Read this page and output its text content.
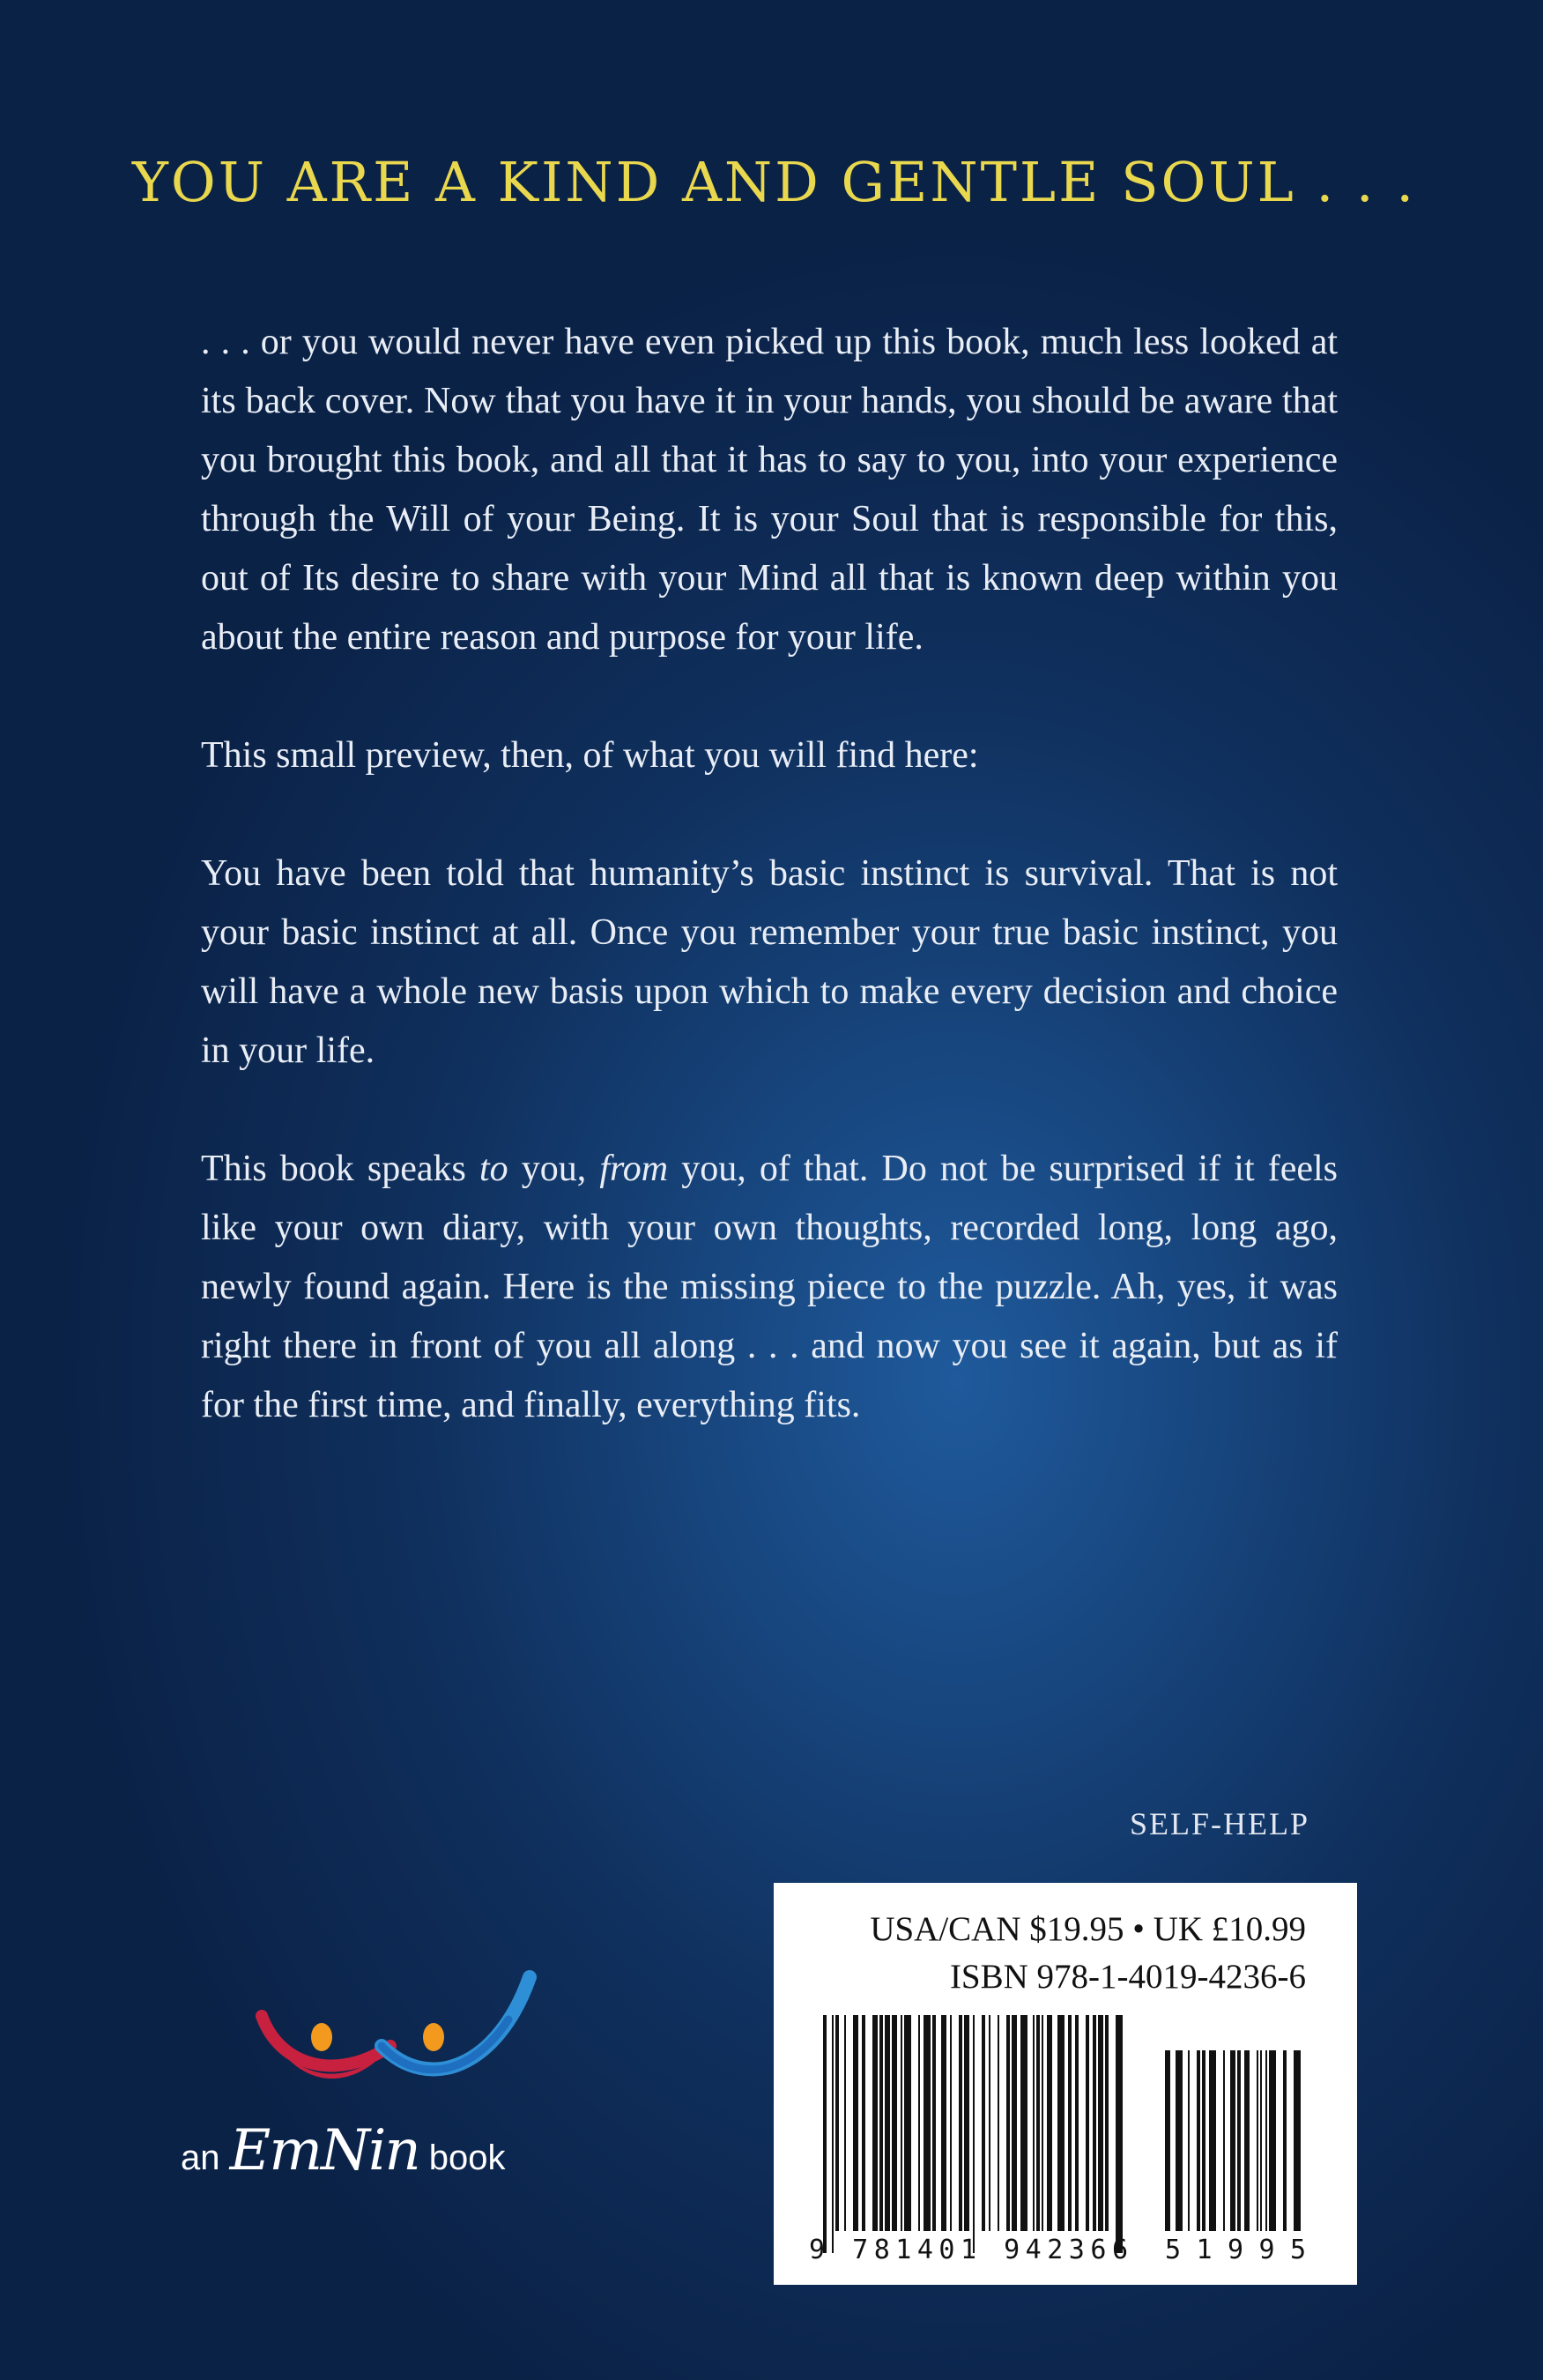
YOU ARE A KIND AND GENTLE SOUL . . .

. . . or you would never have even picked up this book, much less looked at its back cover. Now that you have it in your hands, you should be aware that you brought this book, and all that it has to say to you, into your experience through the Will of your Being. It is your Soul that is responsible for this, out of Its desire to share with your Mind all that is known deep within you about the entire reason and purpose for your life.

This small preview, then, of what you will find here:

You have been told that humanity’s basic instinct is survival. That is not your basic instinct at all. Once you remember your true basic instinct, you will have a whole new basis upon which to make every decision and choice in your life.

This book speaks to you, from you, of that. Do not be surprised if it feels like your own diary, with your own thoughts, recorded long, long ago, newly found again. Here is the missing piece to the puzzle. Ah, yes, it was right there in front of you all along . . . and now you see it again, but as if for the first time, and finally, everything fits.

SELF-HELP
USA/CAN $19.95 • UK £10.99
ISBN 978-1-4019-4236-6
9 781401 942366 51995
an EmNin book
